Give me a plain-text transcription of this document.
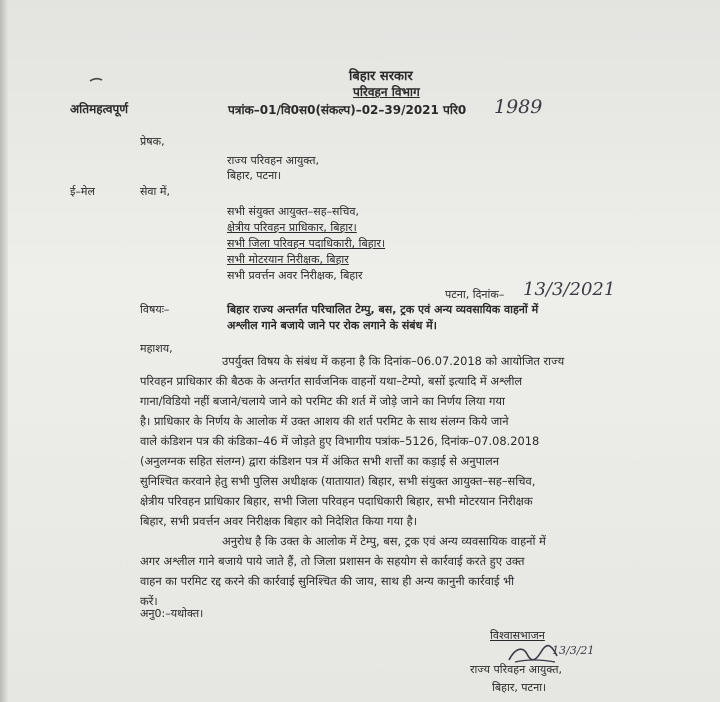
बिहार सरकार
परिवहन विभाग
अतिमहत्वपूर्ण	पत्रांक–01/वि0स0(संकल्प)–02–39/2021 परि0 1989
प्रेषक,
राज्य परिवहन आयुक्त,
बिहार, पटना।
ई–मेल	सेवा में,
सभी संयुक्त आयुक्त–सह–सचिव,
क्षेत्रीय परिवहन प्राधिकार, बिहार।
सभी जिला परिवहन पदाधिकारी, बिहार।
सभी मोटरयान निरीक्षक, बिहार
सभी प्रवर्त्तन अवर निरीक्षक, बिहार
पटना, दिनांक– 13/3/2021
विषयः–	बिहार राज्य अन्तर्गत परिचालित टेम्पु, बस, ट्रक एवं अन्य व्यवसायिक वाहनों में
अश्लील गाने बजाये जाने पर रोक लगाने के संबंध में।
महाशय,
उपर्युक्त विषय के संबंध में कहना है कि दिनांक–06.07.2018 को आयोजित राज्य
परिवहन प्राधिकार की बैठक के अन्तर्गत सार्वजनिक वाहनों यथा–टेम्पो, बसों इत्यादि में अश्लील
गाना/विडियो नहीं बजाने/चलाये जाने को परमिट की शर्त में जोड़े जाने का निर्णय लिया गया
है। प्राधिकार के निर्णय के आलोक में उक्त आशय की शर्त परमिट के साथ संलग्न किये जाने
वाले कंडिशन पत्र की कंडिका–46 में जोड़ते हुए विभागीय पत्रांक–5126, दिनांक–07.08.2018
(अनुलग्नक सहित संलग्न) द्वारा कंडिशन पत्र में अंकित सभी शर्त्तों का कड़ाई से अनुपालन
सुनिश्चित करवाने हेतु सभी पुलिस अधीक्षक (यातायात) बिहार, सभी संयुक्त आयुक्त–सह–सचिव,
क्षेत्रीय परिवहन प्राधिकार बिहार, सभी जिला परिवहन पदाधिकारी बिहार, सभी मोटरयान निरीक्षक
बिहार, सभी प्रवर्त्तन अवर निरीक्षक बिहार को निदेशित किया गया है।
अनुरोध है कि उक्त के आलोक में टेम्पु, बस, ट्रक एवं अन्य व्यवसायिक वाहनों में
अगर अश्लील गाने बजाये पाये जाते हैं, तो जिला प्रशासन के सहयोग से कार्रवाई करते हुए उक्त
वाहन का परमिट रद्द करने की कार्रवाई सुनिश्चित की जाय, साथ ही अन्य कानुनी कार्रवाई भी
करें।
अनु0:–यथोक्त।
विश्वासभाजन
13/3/21
राज्य परिवहन आयुक्त,
बिहार, पटना।
